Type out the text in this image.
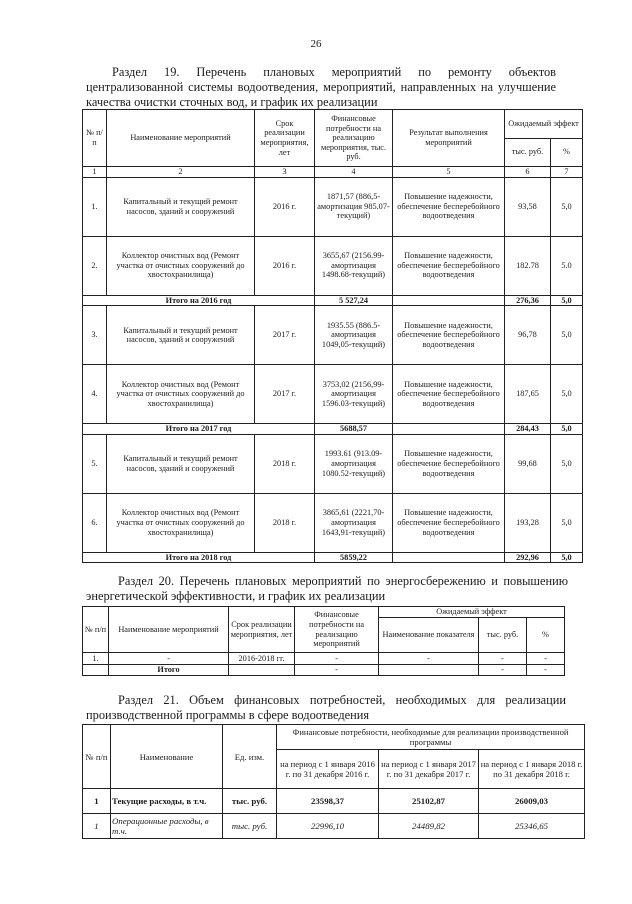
26

Раздел 19. Перечень плановых мероприятий по ремонту объектов централизованной системы водоотведения, мероприятий, направленных на улучшение качества очистки сточных вод, и график их реализации

№ п/п	Наименование мероприятий	Срок реализации мероприятия, лет	Финансовые потребности на реализацию мероприятия, тыс. руб.	Результат выполнения мероприятий	Ожидаемый эффект	
					тыс. руб.	%
1	2	3	4	5	6	7
1.	Капитальный и текущий ремонт насосов, зданий и сооружений	2016 г.	1871,57 (886,5-амортизация 985.07-текущий)	Повышение надежности, обеспечение бесперебойного водоотведения	93,58	5,0
2.	Коллектор очистных вод (Ремонт участка от очистных сооружений до хвостохранилища)	2016 г.	3655,67 (2156.99-амортизация 1498.68-текущий)	Повышение надежности, обеспечение бесперебойного водоотведения	182.78	5.0
Итого на 2016 год			5 527,24		276,36	5,0
3.	Капитальный и текущий ремонт насосов, зданий и сооружений	2017 г.	1935.55 (886.5-амортизация 1049,05-текущий)	Повышение надежности, обеспечение бесперебойного водоотведения	96,78	5,0
4.	Коллектор очистных вод (Ремонт участка от очистных сооружений до хвостохранилища)	2017 г.	3753,02 (2156,99-амортизация 1596.03-текущий)	Повышение надежности, обеспечение бесперебойного водоотведения	187,65	5,0
Итого на 2017 год			5688,57		284,43	5,0
5.	Капитальный и текущий ремонт насосов, зданий и сооружений	2018 г.	1993.61 (913.09-амортизация 1080.52-текущий)	Повышение надежности, обеспечение бесперебойного водоотведения	99,68	5,0
6.	Коллектор очистных вод (Ремонт участка от очистных сооружений до хвостохранилища)	2018 г.	3865,61 (2221,70-амортизация 1643,91-текущий)	Повышение надежности, обеспечение бесперебойного водоотведения	193,28	5,0
Итого на 2018 год			5859,22		292,96	5,0

Раздел 20. Перечень плановых мероприятий по энергосбережению и повышению энергетической эффективности, и график их реализации

№ п/п	Наименование мероприятий	Срок реализации мероприятия, лет	Финансовые потребности на реализацию мероприятий	Ожидаемый эффект		
				Наименование показателя	тыс. руб.	%
1.	-	2016-2018 гг.	-	-	-	-
	Итого		-		-	-

Раздел 21. Объем финансовых потребностей, необходимых для реализации производственной программы в сфере водоотведения

№ п/п	Наименование	Ед. изм.	Финансовые потребности, необходимые для реализации производственной программы		
			на период с 1 января 2016 г. по 31 декабря 2016 г.	на период с 1 января 2017 г. по 31 декабря 2017 г.	на период с 1 января 2018 г. по 31 декабря 2018 г.
1	Текущие расходы, в т.ч.	тыс. руб.	23598,37	25102,87	26009,03
1	Операционные расходы, в т.ч.	тыс. руб.	22996,10	24489,82	25346,65
